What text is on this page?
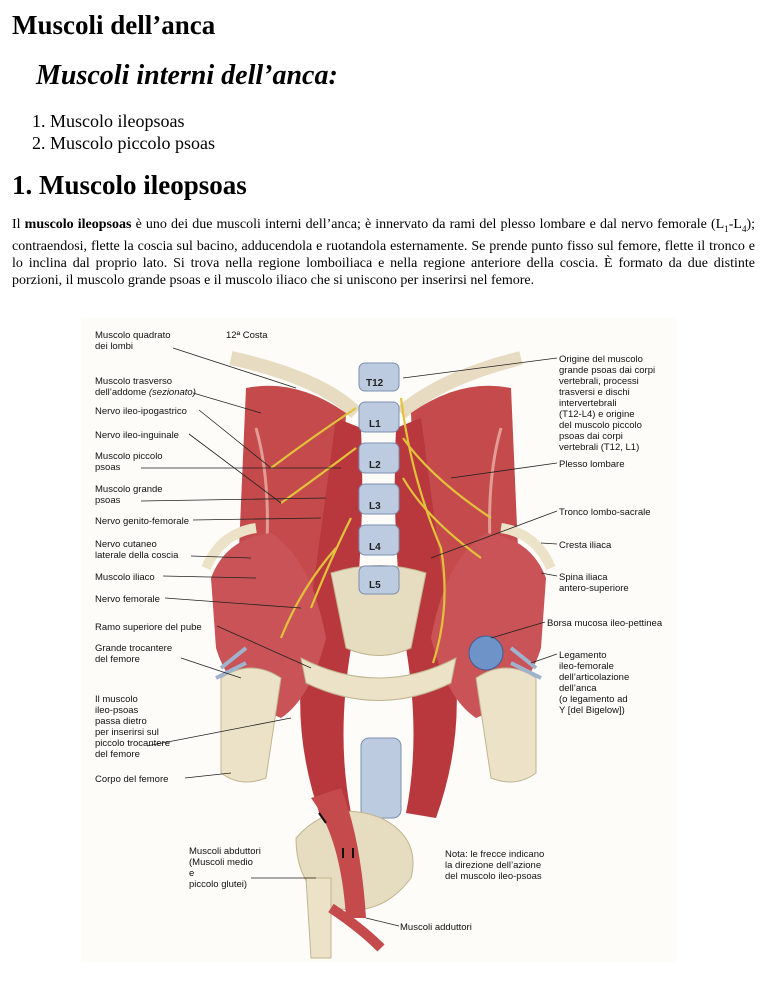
Muscoli dell’anca
Muscoli interni dell’anca:
1. Muscolo ileopsoas
2. Muscolo piccolo psoas
1. Muscolo ileopsoas

Il muscolo ileopsoas è uno dei due muscoli interni dell’anca; è innervato da rami del plesso lombare e dal nervo femorale $(L_1-L_4)$; contraendosi, flette la coscia sul bacino, adducendola e ruotandola esternamente. Se prende punto fisso sul femore, flette il tronco e lo inclina dal proprio lato. Si trova nella regione lomboiliaca e nella regione anteriore della coscia. È formato da due distinte porzioni, il muscolo grande psoas e il muscolo iliaco che si uniscono per inserirsi nel femore.

T12
L1
L2
L3
L4
L5
Muscolo quadrato
dei lombi
12ª Costa
Muscolo trasverso
dell’addome (sezionato)
Nervo ileo-ipogastrico
Nervo ileo-inguinale
Muscolo piccolo
psoas
Muscolo grande
psoas
Nervo genito-femorale
Nervo cutaneo
laterale della coscia
Muscolo iliaco
Nervo femorale
Ramo superiore del pube
Grande trocantere
del femore
Il muscolo
ileo-psoas
passa dietro
per inserirsi sul
piccolo trocantere
del femore
Corpo del femore
Muscoli abduttori
(Muscoli medio
e
piccolo glutei)
Origine del muscolo
grande psoas dai corpi
vertebrali, processi
trasversi e dischi
intervertebrali
(T12-L4) e origine
del muscolo piccolo
psoas dai corpi
vertebrali (T12, L1)
Plesso lombare
Tronco lombo-sacrale
Cresta iliaca
Spina iliaca
antero-superiore
Borsa mucosa ileo-pettinea
Legamento
ileo-femorale
dell’articolazione
dell’anca
(o legamento ad
Y [del Bigelow])
Nota: le frecce indicano
la direzione dell’azione
del muscolo ileo-psoas
Muscoli adduttori
